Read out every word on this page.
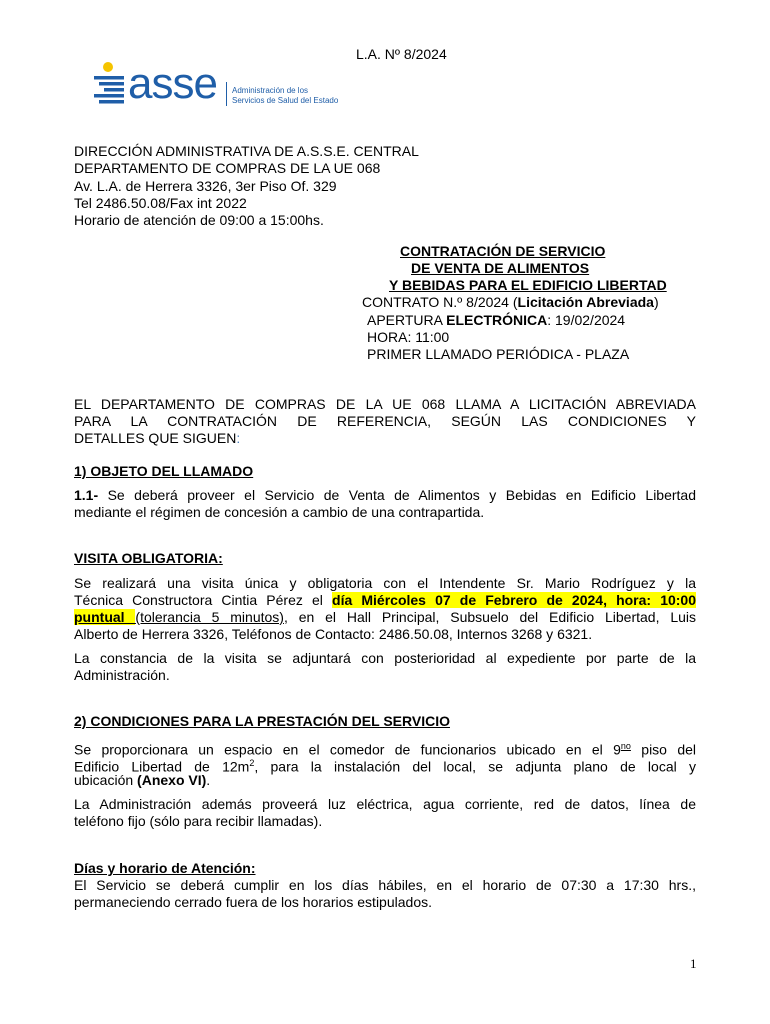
L.A. Nº 8/2024
asse Administración de los
Servicios de Salud del Estado
DIRECCIÓN ADMINISTRATIVA DE A.S.S.E. CENTRAL
DEPARTAMENTO DE COMPRAS DE LA UE 068
Av. L.A. de Herrera 3326, 3er Piso Of. 329
Tel 2486.50.08/Fax int 2022
Horario de atención de 09:00 a 15:00hs.
CONTRATACIÓN DE SERVICIO
DE VENTA DE ALIMENTOS
Y BEBIDAS PARA EL EDIFICIO LIBERTAD
CONTRATO N.º 8/2024 (Licitación Abreviada)
APERTURA ELECTRÓNICA: 19/02/2024
HORA: 11:00
PRIMER LLAMADO PERIÓDICA - PLAZA
EL DEPARTAMENTO DE COMPRAS DE LA UE 068 LLAMA A LICITACIÓN ABREVIADA
PARA LA CONTRATACIÓN DE REFERENCIA, SEGÚN LAS CONDICIONES Y
DETALLES QUE SIGUEN:
1) OBJETO DEL LLAMADO
1.1- Se deberá proveer el Servicio de Venta de Alimentos y Bebidas en Edificio Libertad
mediante el régimen de concesión a cambio de una contrapartida.
VISITA OBLIGATORIA:
Se realizará una visita única y obligatoria con el Intendente Sr. Mario Rodríguez y la
Técnica Constructora Cintia Pérez el día Miércoles 07 de Febrero de 2024, hora: 10:00
puntual (tolerancia 5 minutos), en el Hall Principal, Subsuelo del Edificio Libertad, Luis
Alberto de Herrera 3326, Teléfonos de Contacto: 2486.50.08, Internos 3268 y 6321.
La constancia de la visita se adjuntará con posterioridad al expediente por parte de la
Administración.
2) CONDICIONES PARA LA PRESTACIÓN DEL SERVICIO
Se proporcionara un espacio en el comedor de funcionarios ubicado en el $9^{no}$ piso del
Edificio Libertad de $12m^2$, para la instalación del local, se adjunta plano de local y
ubicación (Anexo VI).
La Administración además proveerá luz eléctrica, agua corriente, red de datos, línea de
teléfono fijo (sólo para recibir llamadas).
Días y horario de Atención:
El Servicio se deberá cumplir en los días hábiles, en el horario de 07:30 a 17:30 hrs.,
permaneciendo cerrado fuera de los horarios estipulados.
1
